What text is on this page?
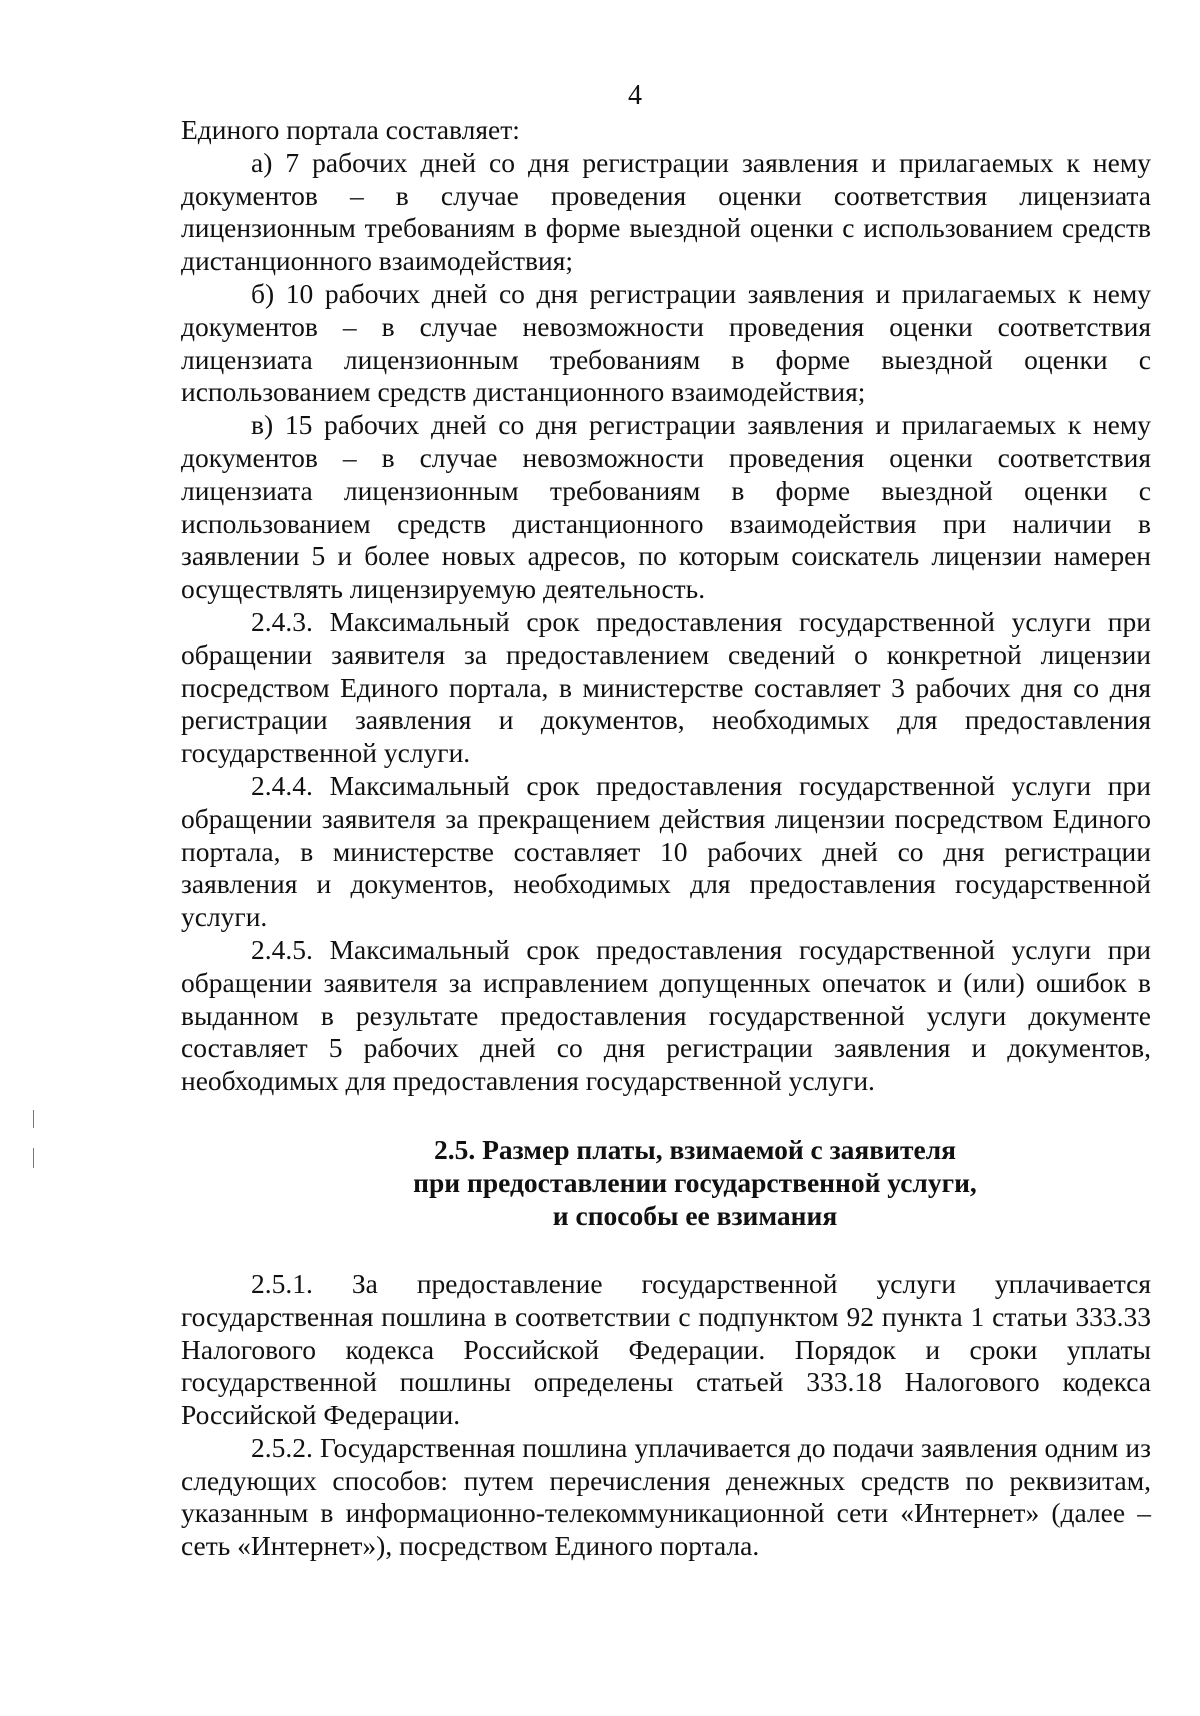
4

Единого портала составляет:

а) 7 рабочих дней со дня регистрации заявления и прилагаемых к нему документов – в случае проведения оценки соответствия лицензиата лицензионным требованиям в форме выездной оценки с использованием средств дистанционного взаимодействия;

б) 10 рабочих дней со дня регистрации заявления и прилагаемых к нему документов – в случае невозможности проведения оценки соответствия лицензиата лицензионным требованиям в форме выездной оценки с использованием средств дистанционного взаимодействия;

в) 15 рабочих дней со дня регистрации заявления и прилагаемых к нему документов – в случае невозможности проведения оценки соответствия лицензиата лицензионным требованиям в форме выездной оценки с использованием средств дистанционного взаимодействия при наличии в заявлении 5 и более новых адресов, по которым соискатель лицензии намерен осуществлять лицензируемую деятельность.

2.4.3. Максимальный срок предоставления государственной услуги при обращении заявителя за предоставлением сведений о конкретной лицензии посредством Единого портала, в министерстве составляет 3 рабочих дня со дня регистрации заявления и документов, необходимых для предоставления государственной услуги.

2.4.4. Максимальный срок предоставления государственной услуги при обращении заявителя за прекращением действия лицензии посредством Единого портала, в министерстве составляет 10 рабочих дней со дня регистрации заявления и документов, необходимых для предоставления государственной услуги.

2.4.5. Максимальный срок предоставления государственной услуги при обращении заявителя за исправлением допущенных опечаток и (или) ошибок в выданном в результате предоставления государственной услуги документе составляет 5 рабочих дней со дня регистрации заявления и документов, необходимых для предоставления государственной услуги.

2.5. Размер платы, взимаемой с заявителя
при предоставлении государственной услуги,
и способы ее взимания

2.5.1. За предоставление государственной услуги уплачивается государственная пошлина в соответствии с подпунктом 92 пункта 1 статьи 333.33 Налогового кодекса Российской Федерации. Порядок и сроки уплаты государственной пошлины определены статьей 333.18 Налогового кодекса Российской Федерации.

2.5.2. Государственная пошлина уплачивается до подачи заявления одним из следующих способов: путем перечисления денежных средств по реквизитам, указанным в информационно-телекоммуникационной сети «Интернет» (далее – сеть «Интернет»), посредством Единого портала.
